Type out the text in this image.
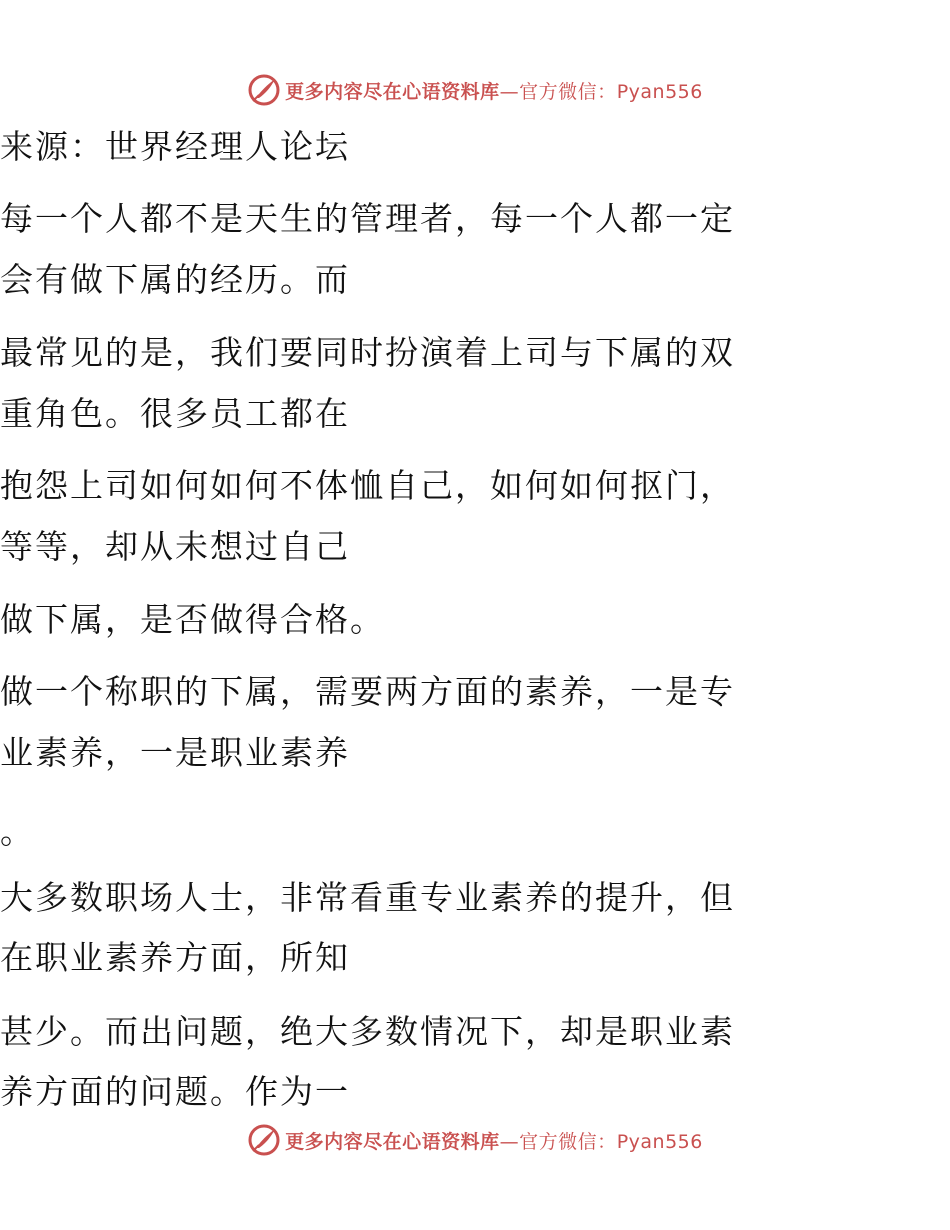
更多内容尽在心语资料库—官方微信：Pyan556
来源：世界经理人论坛
每一个人都不是天生的管理者，每一个人都一定
会有做下属的经历。而
最常见的是，我们要同时扮演着上司与下属的双
重角色。很多员工都在
抱怨上司如何如何不体恤自己，如何如何抠门，
等等，却从未想过自己
做下属，是否做得合格。
做一个称职的下属，需要两方面的素养，一是专
业素养，一是职业素养
。
大多数职场人士，非常看重专业素养的提升，但
在职业素养方面，所知
甚少。而出问题，绝大多数情况下，却是职业素
养方面的问题。作为一
更多内容尽在心语资料库—官方微信：Pyan556
